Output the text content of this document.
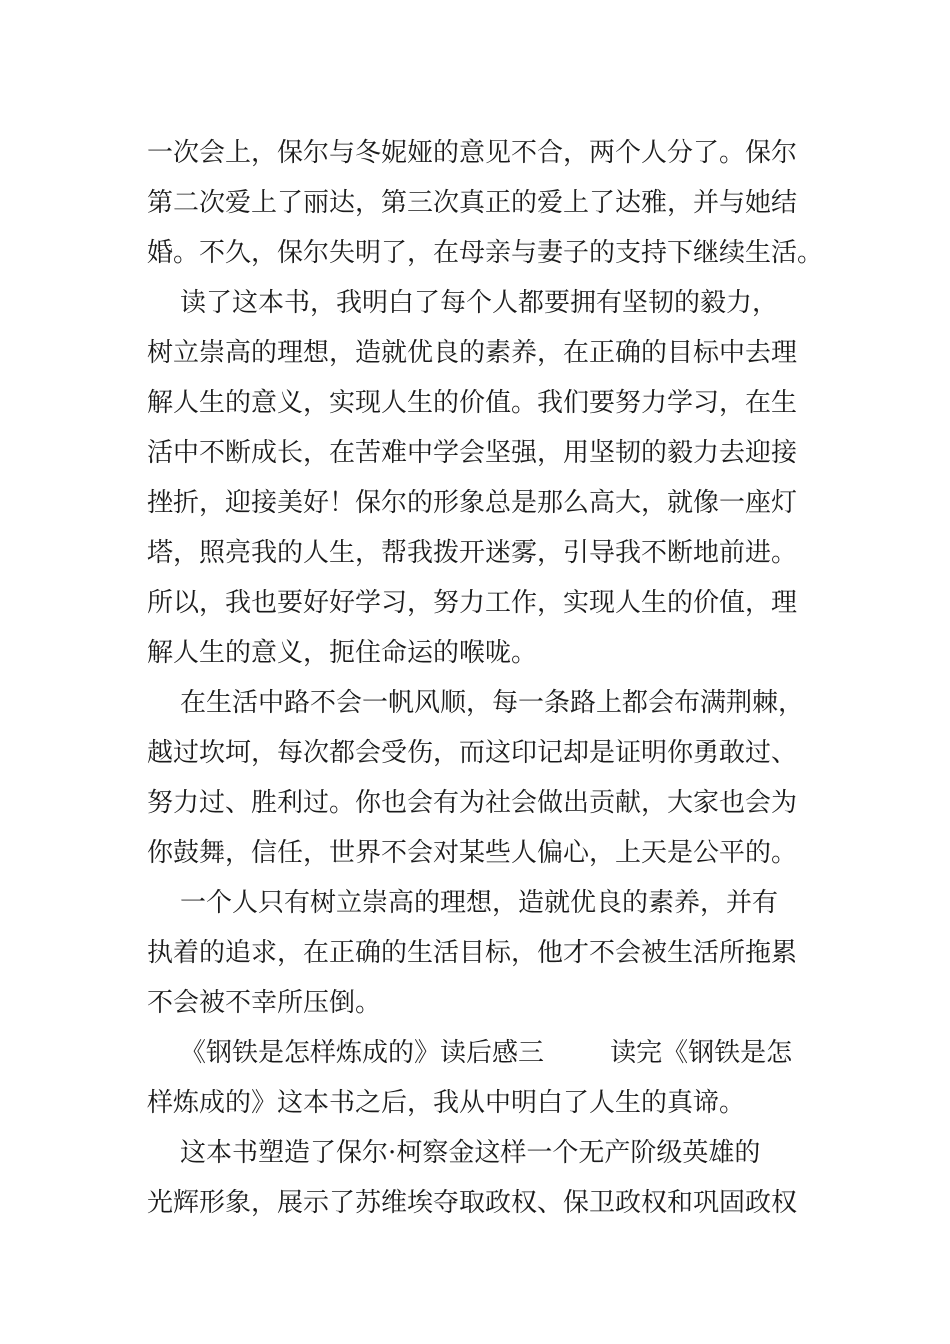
一次会上，保尔与冬妮娅的意见不合，两个人分了。保尔
第二次爱上了丽达，第三次真正的爱上了达雅，并与她结
婚。不久，保尔失明了，在母亲与妻子的支持下继续生活。
读了这本书，我明白了每个人都要拥有坚韧的毅力，
树立崇高的理想，造就优良的素养，在正确的目标中去理
解人生的意义，实现人生的价值。我们要努力学习，在生
活中不断成长，在苦难中学会坚强，用坚韧的毅力去迎接
挫折，迎接美好！保尔的形象总是那么高大，就像一座灯
塔，照亮我的人生，帮我拨开迷雾，引导我不断地前进。
所以，我也要好好学习，努力工作，实现人生的价值，理
解人生的意义，扼住命运的喉咙。
在生活中路不会一帆风顺，每一条路上都会布满荆棘，
越过坎坷，每次都会受伤，而这印记却是证明你勇敢过、
努力过、胜利过。你也会有为社会做出贡献，大家也会为
你鼓舞，信任，世界不会对某些人偏心，上天是公平的。
一个人只有树立崇高的理想，造就优良的素养，并有
执着的追求，在正确的生活目标，他才不会被生活所拖累
不会被不幸所压倒。
《钢铁是怎样炼成的》读后感三        读完《钢铁是怎
样炼成的》这本书之后，我从中明白了人生的真谛。
这本书塑造了保尔·柯察金这样一个无产阶级英雄的
光辉形象，展示了苏维埃夺取政权、保卫政权和巩固政权
